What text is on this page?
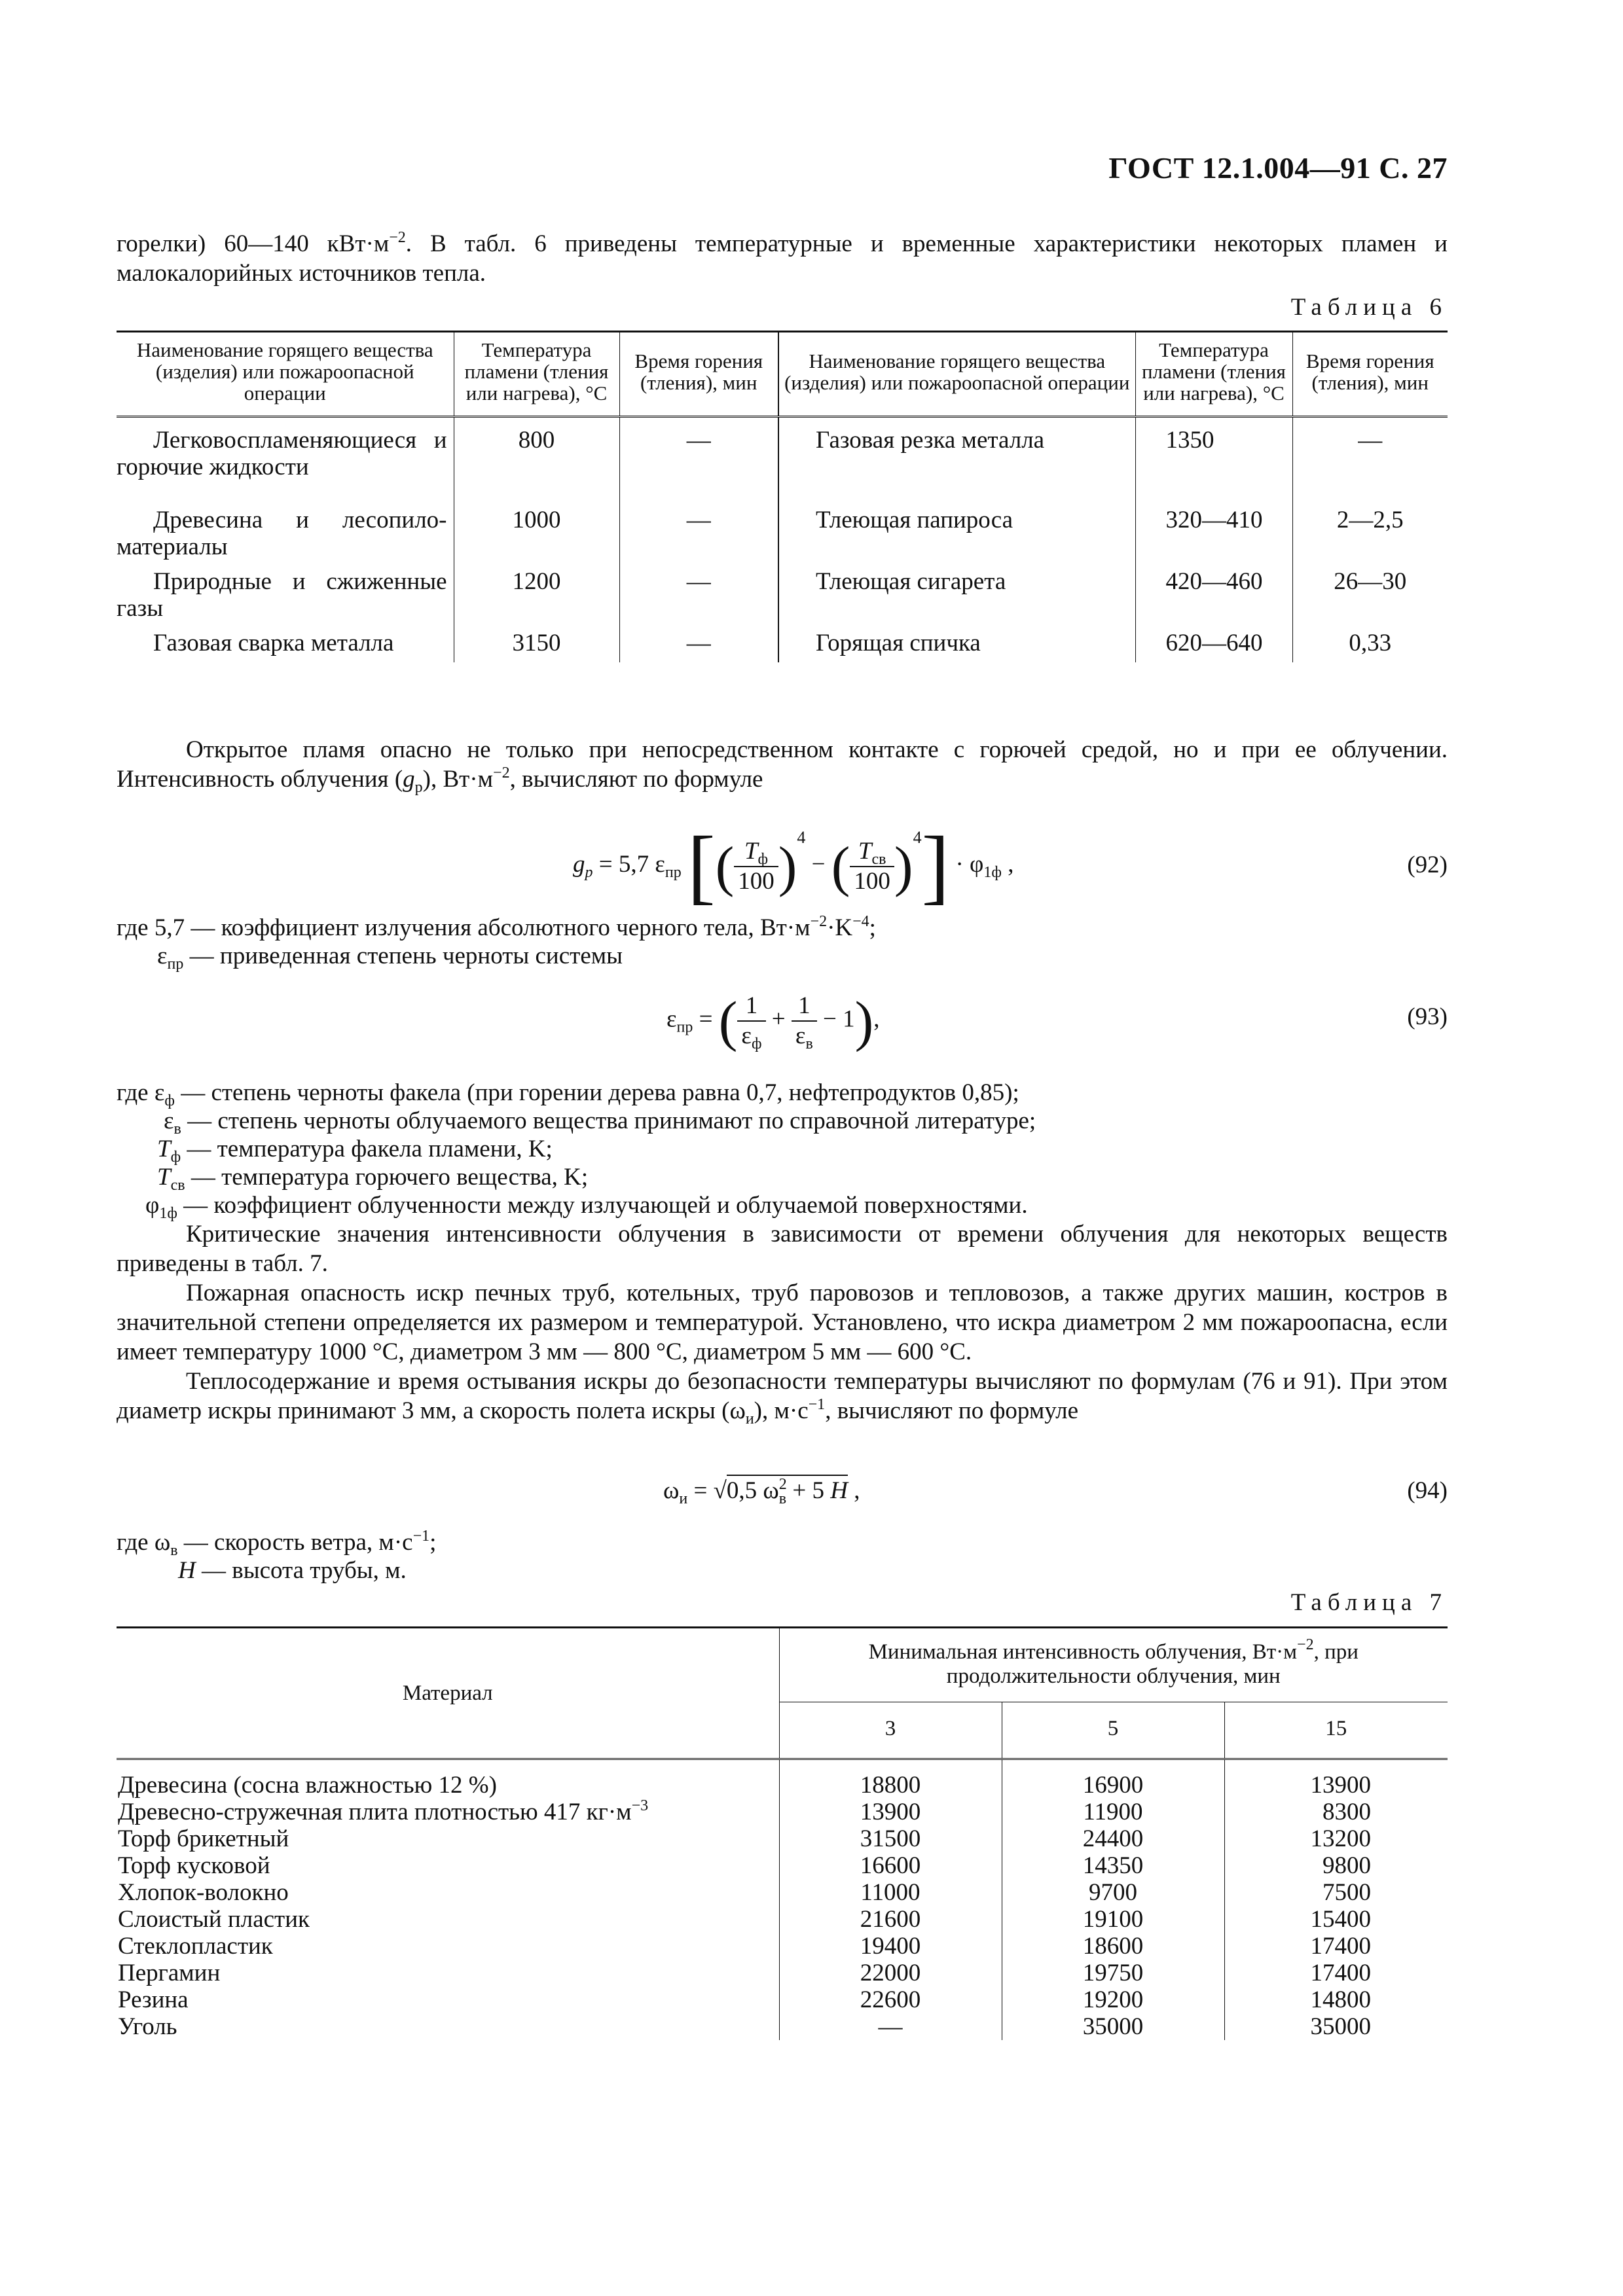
ГОСТ 12.1.004—91 С. 27

горелки) 60—140 $кВт\cdot м^{-2}$. В табл. 6 приведены температурные и временные характеристики некоторых пламен и малокалорийных источников тепла.

Таблица 6

Наименование горящего вещества (изделия) или пожароопасной операции	Температура пламени (тления или нагрева), °С	Время горения (тления), мин	Наименование горящего вещества (изделия) или пожароопасной операции	Температура пламени (тления или нагрева), °С	Время горения (тления), мин

Легковоспламеняющиеся и горючие жидкости	800	—	Газовая резка металла	1350	—

Древесина и лесопиломатериалы	1000	—	Тлеющая папироса	320—410	2—2,5

Природные и сжиженные газы	1200	—	Тлеющая сигарета	420—460	26—30
Газовая сварка металла	3150	—	Горящая спичка	620—640	0,33

Открытое пламя опасно не только при непосредственном контакте с горючей средой, но и при ее облучении. Интенсивность облучения $(g_р)$, $Вт\cdot м^{-2}$, вычисляют по формуле

$g_р = 5,7$ $\varepsilon_{пр}$ [( $\frac{T_ф}{100} )^4$ − ( $\frac{T_{св}}{100} )^4] \cdot \varphi_{1ф}$ ,	(92)
где 5,7 — коэффициент излучения абсолютного черного тела, $Вт\cdot м^{-2}\cdot K^{-4}$;
$\varepsilon_{пр}$ — приведенная степень черноты системы
$\varepsilon_{пр}$ = ( $\frac{1}{\varepsilon_ф} + \frac{1}{\varepsilon_в} - 1$),	(93)
где $\varepsilon_ф$ — степень черноты факела (при горении дерева равна 0,7, нефтепродуктов 0,85);
$\varepsilon_в$ — степень черноты облучаемого вещества принимают по справочной литературе;
$T_ф$ — температура факела пламени, K;
$T_{св}$ — температура горючего вещества, K;
$\varphi_{1ф}$ — коэффициент облученности между излучающей и облучаемой поверхностями.

Критические значения интенсивности облучения в зависимости от времени облучения для некоторых веществ приведены в табл. 7.

Пожарная опасность искр печных труб, котельных, труб паровозов и тепловозов, а также других машин, костров в значительной степени определяется их размером и температурой. Установлено, что искра диаметром 2 мм пожароопасна, если имеет температуру 1000 °С, диаметром 3 мм — 800 °С, диаметром 5 мм — 600 °С.

Теплосодержание и время остывания искры до безопасности температуры вычисляют по формулам (76 и 91). При этом диаметр искры принимают 3 мм, а скорость полета искры $(\omega_и)$, $м\cdot с^{-1}$, вычисляют по формуле

$\omega_и = √0,5$ $\omega^2_в + 5$ H ,	(94)
где $\omega_в$ — скорость ветра, $м\cdot с^{-1}$;
H — высота трубы, м.

Таблица 7

Материал	Минимальная интенсивность облучения, $Вт\cdot м^{-2}$, при продолжительности облучения, мин		
	3	5	15
Древесина (сосна влажностью 12 %)	18800	16900	13900
Древесно-стружечная плита плотностью 417 $кг\cdot м^{-3}$	13900	11900	8300
Торф брикетный	31500	24400	13200
Торф кусковой	16600	14350	9800
Хлопок-волокно	11000	9700	7500
Слоистый пластик	21600	19100	15400
Стеклопластик	19400	18600	17400
Пергамин	22000	19750	17400
Резина	22600	19200	14800
Уголь	—	35000	35000
